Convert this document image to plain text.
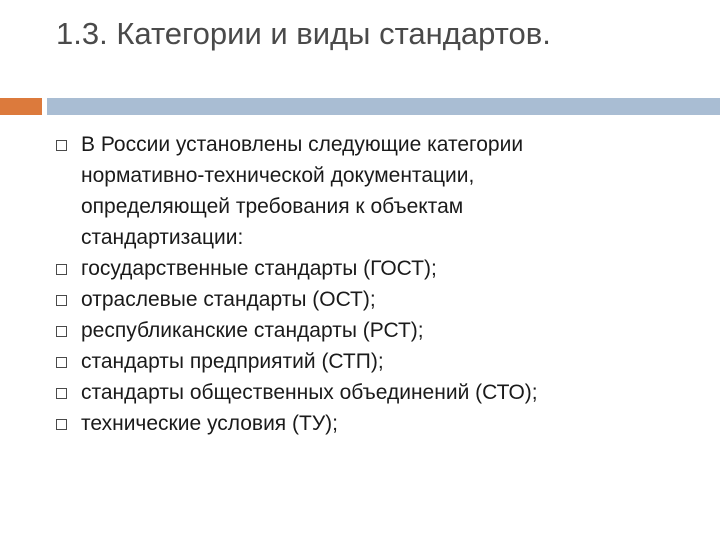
1.3. Категории и виды стандартов.
В России установлены следующие категории нормативно-технической документации, определяющей требования к объектам стандартизации:
государственные стандарты (ГОСТ);
отраслевые стандарты (ОСТ);
республиканские стандарты (РСТ);
стандарты предприятий (СТП);
стандарты общественных объединений (СТО);
технические условия (ТУ);
